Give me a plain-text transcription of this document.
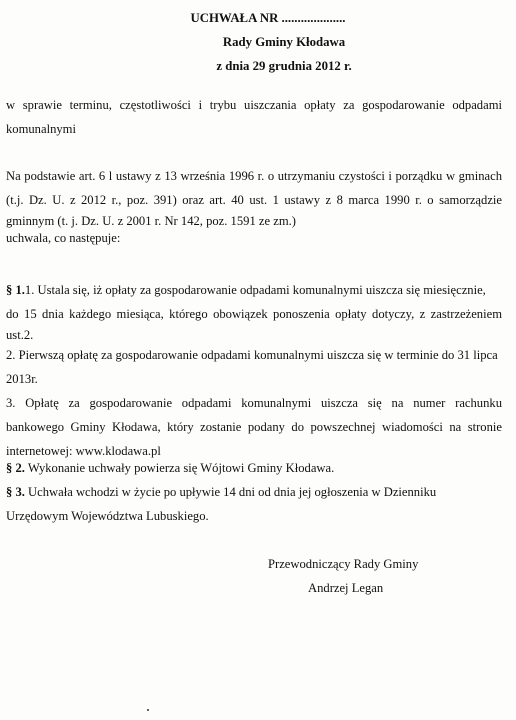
UCHWAŁA NR ....................
Rady Gminy Kłodawa
z dnia 29 grudnia 2012 r.
w sprawie terminu, częstotliwości i trybu uiszczania opłaty za gospodarowanie odpadami
komunalnymi
Na podstawie art. 6 l ustawy z 13 września 1996 r. o utrzymaniu czystości i porządku w gminach
(t.j. Dz. U. z 2012 r., poz. 391) oraz art. 40 ust. 1 ustawy z 8 marca 1990 r. o samorządzie
gminnym (t. j. Dz. U. z 2001 r. Nr 142, poz. 1591 ze zm.)
uchwala, co następuje:
§ 1.1. Ustala się, iż opłaty za gospodarowanie odpadami komunalnymi uiszcza się miesięcznie,
do 15 dnia każdego miesiąca, którego obowiązek ponoszenia opłaty dotyczy, z zastrzeżeniem
ust.2.
2. Pierwszą opłatę za gospodarowanie odpadami komunalnymi uiszcza się w terminie do 31 lipca
2013r.
3. Opłatę za gospodarowanie odpadami komunalnymi uiszcza się na numer rachunku
bankowego Gminy Kłodawa, który zostanie podany do powszechnej wiadomości na stronie
internetowej: www.klodawa.pl
§ 2. Wykonanie uchwały powierza się Wójtowi Gminy Kłodawa.
§ 3. Uchwała wchodzi w życie po upływie 14 dni od dnia jej ogłoszenia w Dzienniku
Urzędowym Województwa Lubuskiego.
Przewodniczący Rady Gminy
Andrzej Legan
